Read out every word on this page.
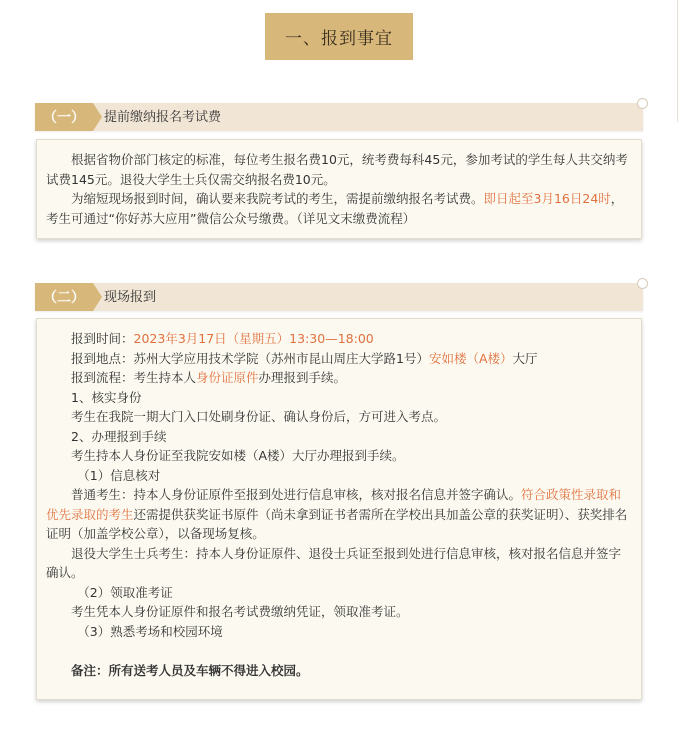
一、报到事宜
（一）	提前缴纳报名考试费

根据省物价部门核定的标准，每位考生报名费10元，统考费每科45元，参加考试的学生每人共交纳考试费145元。退役大学生士兵仅需交纳报名费10元。

为缩短现场报到时间，确认要来我院考试的考生，需提前缴纳报名考试费。即日起至3月16日24时，考生可通过“你好苏大应用”微信公众号缴费。（详见文末缴费流程）

（二）	现场报到

报到时间：2023年3月17日（星期五）13:30—18:00

报到地点：苏州大学应用技术学院（苏州市昆山周庄大学路1号）安如楼（A楼）大厅

报到流程：考生持本人身份证原件办理报到手续。

1、核实身份

考生在我院一期大门入口处刷身份证、确认身份后，方可进入考点。

2、办理报到手续

考生持本人身份证至我院安如楼（A楼）大厅办理报到手续。

（1）信息核对

普通考生：持本人身份证原件至报到处进行信息审核，核对报名信息并签字确认。符合政策性录取和优先录取的考生还需提供获奖证书原件（尚未拿到证书者需所在学校出具加盖公章的获奖证明）、获奖排名证明（加盖学校公章），以备现场复核。

退役大学生士兵考生：持本人身份证原件、退役士兵证至报到处进行信息审核，核对报名信息并签字确认。

（2）领取准考证

考生凭本人身份证原件和报名考试费缴纳凭证，领取准考证。

（3）熟悉考场和校园环境

备注：所有送考人员及车辆不得进入校园。
